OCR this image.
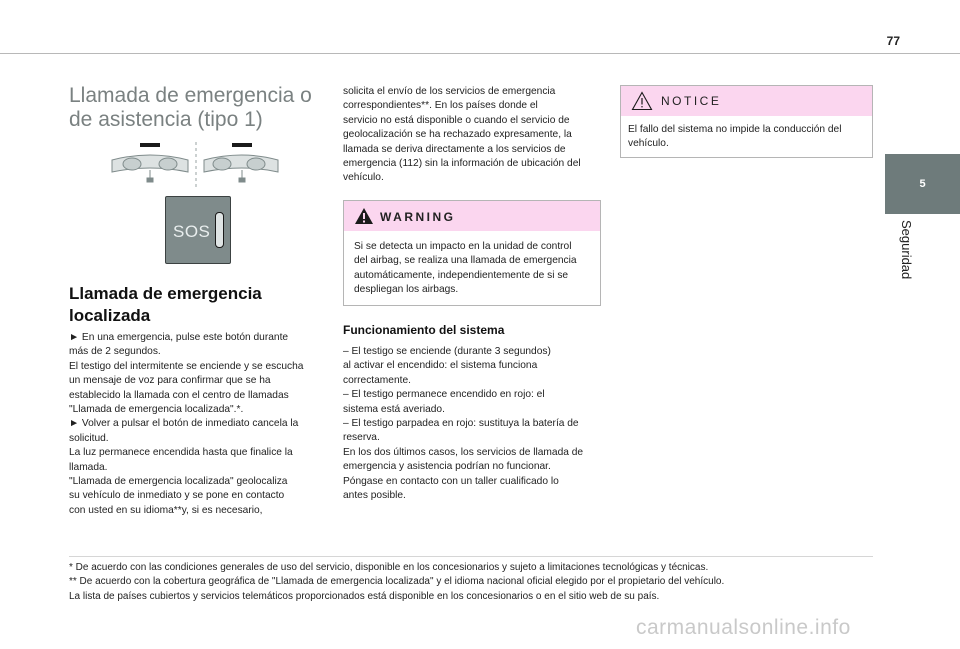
77
5
Seguridad
Llamada de emergencia o de asistencia (tipo 1)
SOS
Llamada de emergencia localizada
► En una emergencia, pulse este botón durante
más de 2 segundos.
El testigo del intermitente se enciende y se escucha
un mensaje de voz para confirmar que se ha
establecido la llamada con el centro de llamadas
"Llamada de emergencia localizada".*.
► Volver a pulsar el botón de inmediato cancela la
solicitud.
La luz permanece encendida hasta que finalice la
llamada.
"Llamada de emergencia localizada" geolocaliza
su vehículo de inmediato y se pone en contacto
con usted en su idioma**y, si es necesario,
solicita el envío de los servicios de emergencia
correspondientes**. En los países donde el
servicio no está disponible o cuando el servicio de
geolocalización se ha rechazado expresamente, la
llamada se deriva directamente a los servicios de
emergencia (112) sin la información de ubicación del
vehículo.
WARNING
Si se detecta un impacto en la unidad de control
del airbag, se realiza una llamada de emergencia
automáticamente, independientemente de si se
despliegan los airbags.
Funcionamiento del sistema
– El testigo se enciende (durante 3 segundos)
al activar el encendido: el sistema funciona
correctamente.
– El testigo permanece encendido en rojo: el
sistema está averiado.
– El testigo parpadea en rojo: sustituya la batería de
reserva.
En los dos últimos casos, los servicios de llamada de
emergencia y asistencia podrían no funcionar.
Póngase en contacto con un taller cualificado lo
antes posible.
NOTICE
El fallo del sistema no impide la conducción del
vehículo.
* De acuerdo con las condiciones generales de uso del servicio, disponible en los concesionarios y sujeto a limitaciones tecnológicas y técnicas.
** De acuerdo con la cobertura geográfica de "Llamada de emergencia localizada" y el idioma nacional oficial elegido por el propietario del vehículo.
La lista de países cubiertos y servicios telemáticos proporcionados está disponible en los concesionarios o en el sitio web de su país.
carmanualsonline.info
